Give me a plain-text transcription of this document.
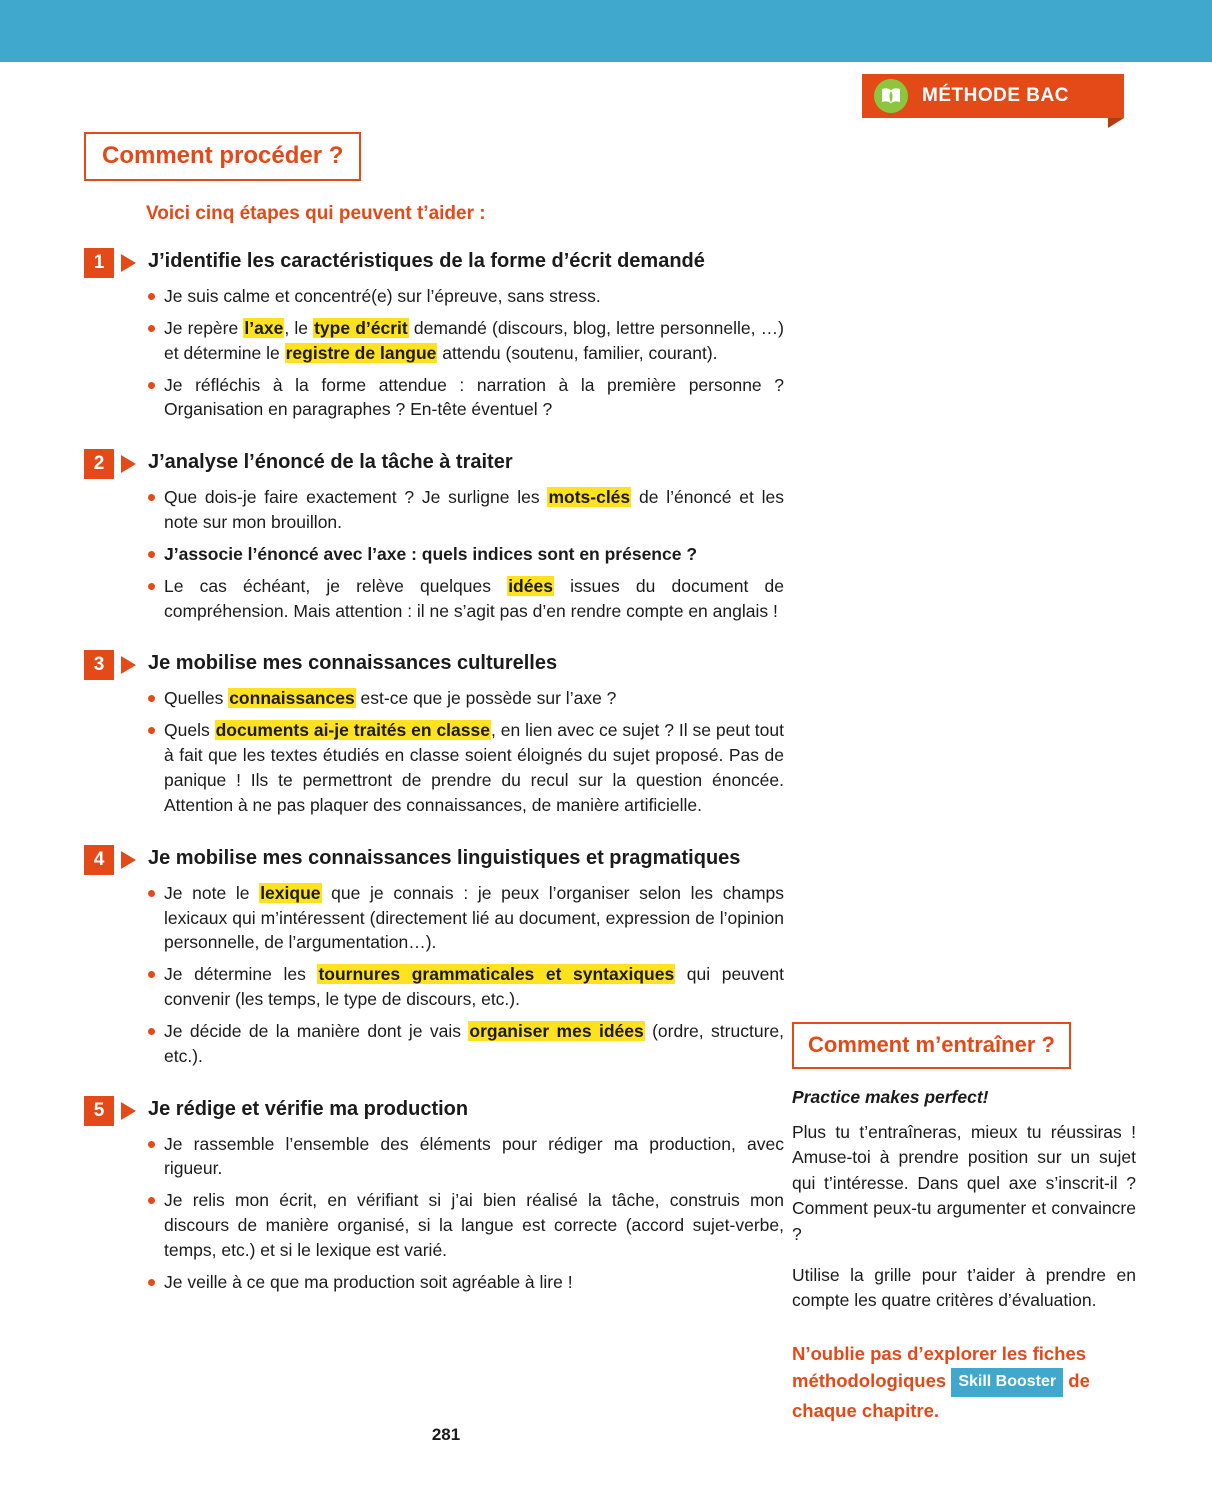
MÉTHODE BAC
Comment procéder ?
Voici cinq étapes qui peuvent t’aider :
1	J’identifie les caractéristiques de la forme d’écrit demandé
Je suis calme et concentré(e) sur l’épreuve, sans stress.
Je repère l’axe, le type d’écrit demandé (discours, blog, lettre personnelle, …) et détermine le registre de langue attendu (soutenu, familier, courant).
Je réfléchis à la forme attendue : narration à la première personne ? Organisation en paragraphes ? En-tête éventuel ?
2	J’analyse l’énoncé de la tâche à traiter
Que dois-je faire exactement ? Je surligne les mots-clés de l’énoncé et les note sur mon brouillon.
J’associe l’énoncé avec l’axe : quels indices sont en présence ?
Le cas échéant, je relève quelques idées issues du document de compréhension. Mais attention : il ne s’agit pas d’en rendre compte en anglais !
3	Je mobilise mes connaissances culturelles
Quelles connaissances est-ce que je possède sur l’axe ?
Quels documents ai-je traités en classe, en lien avec ce sujet ? Il se peut tout à fait que les textes étudiés en classe soient éloignés du sujet proposé. Pas de panique ! Ils te permettront de prendre du recul sur la question énoncée. Attention à ne pas plaquer des connaissances, de manière artificielle.
4	Je mobilise mes connaissances linguistiques et pragmatiques
Je note le lexique que je connais : je peux l’organiser selon les champs lexicaux qui m’intéressent (directement lié au document, expression de l’opinion personnelle, de l’argumentation…).
Je détermine les tournures grammaticales et syntaxiques qui peuvent convenir (les temps, le type de discours, etc.).
Je décide de la manière dont je vais organiser mes idées (ordre, structure, etc.).
5	Je rédige et vérifie ma production
Je rassemble l’ensemble des éléments pour rédiger ma production, avec rigueur.
Je relis mon écrit, en vérifiant si j’ai bien réalisé la tâche, construis mon discours de manière organisé, si la langue est correcte (accord sujet-verbe, temps, etc.) et si le lexique est varié.
Je veille à ce que ma production soit agréable à lire !
Comment m’entraîner ?

Practice makes perfect!

Plus tu t’entraîneras, mieux tu réussiras ! Amuse-toi à prendre position sur un sujet qui t’intéresse. Dans quel axe s’inscrit-il ? Comment peux-tu argumenter et convaincre ?

Utilise la grille pour t’aider à prendre en compte les quatre critères d’évaluation.

N’oublie pas d’explorer les fiches méthodologiques Skill Booster de chaque chapitre.

281
